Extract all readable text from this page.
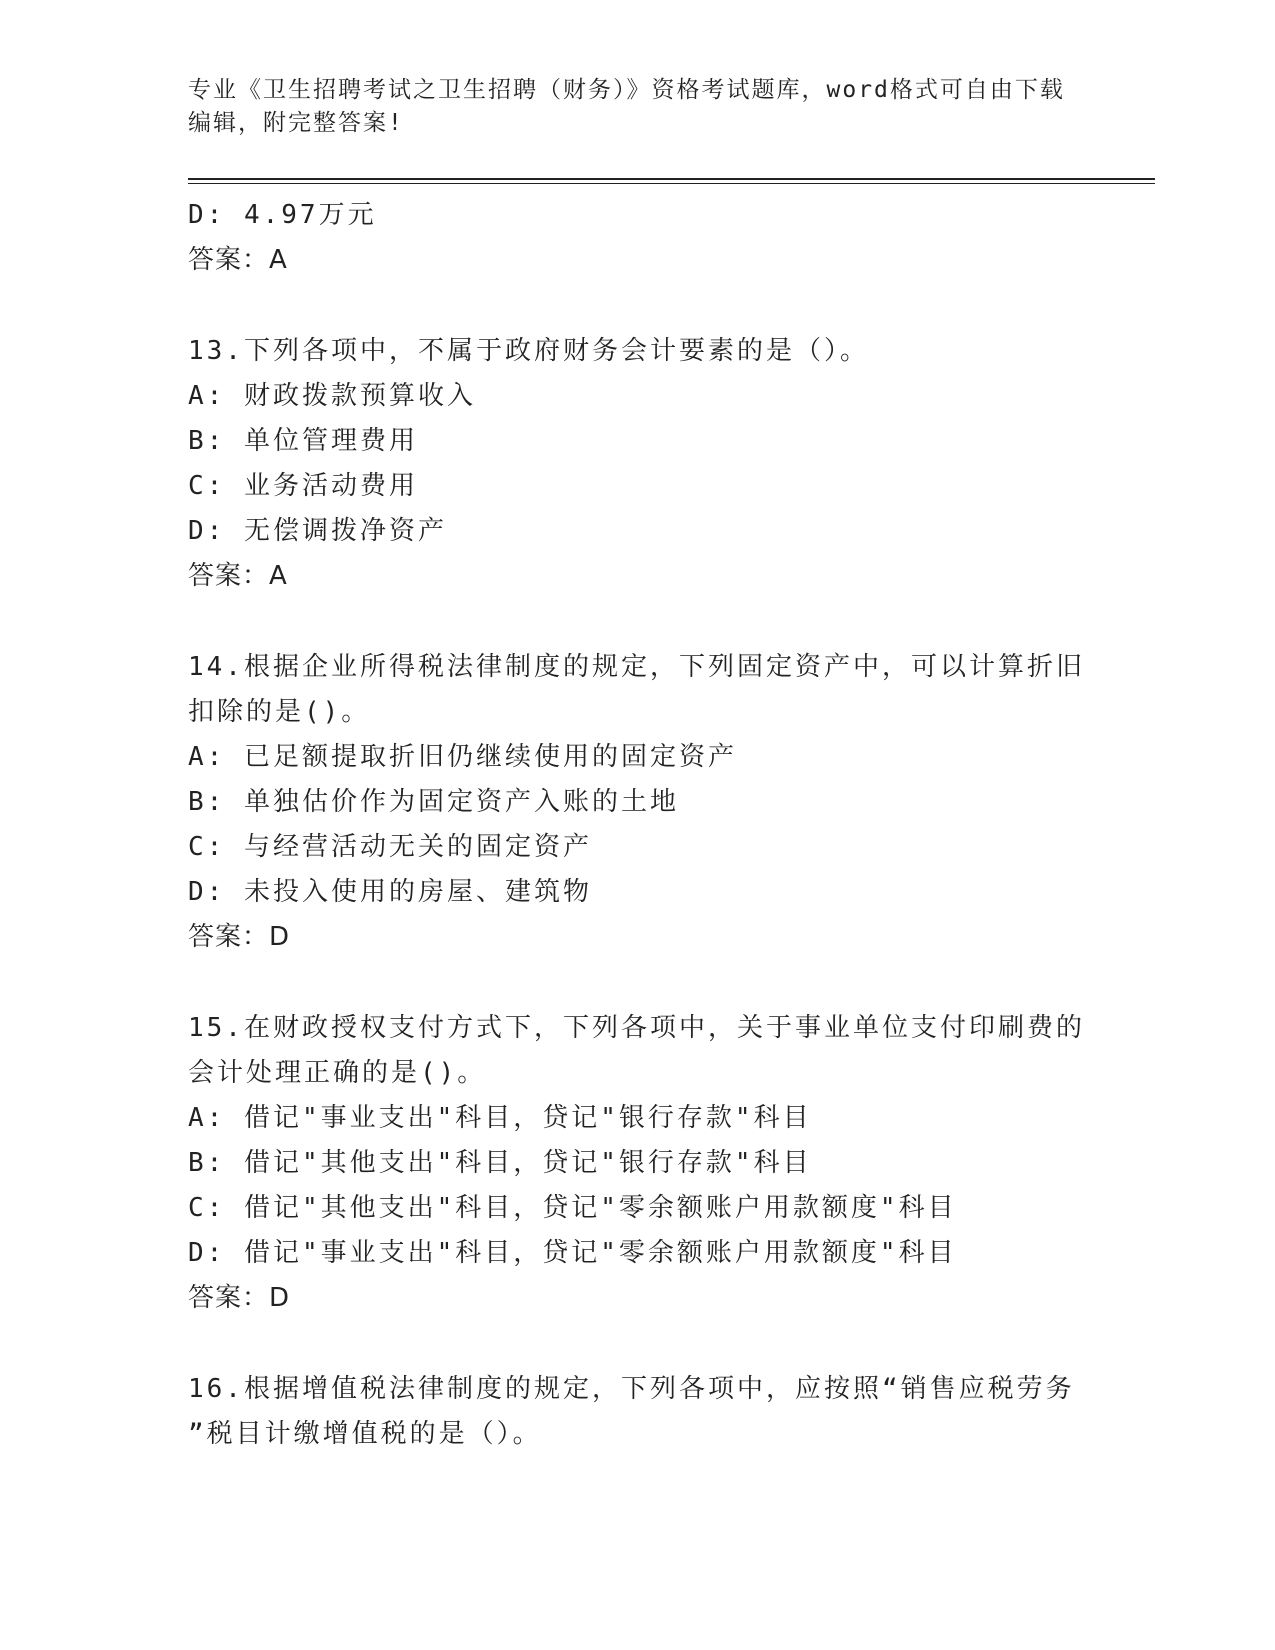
专业《卫生招聘考试之卫生招聘（财务）》资格考试题库，word格式可自由下载
编辑，附完整答案!
D: 4.97万元
答案：A
13.下列各项中，不属于政府财务会计要素的是（）。
A: 财政拨款预算收入
B: 单位管理费用
C: 业务活动费用
D: 无偿调拨净资产
答案：A
14.根据企业所得税法律制度的规定，下列固定资产中，可以计算折旧
扣除的是()。
A: 已足额提取折旧仍继续使用的固定资产
B: 单独估价作为固定资产入账的土地
C: 与经营活动无关的固定资产
D: 未投入使用的房屋、建筑物
答案：D
15.在财政授权支付方式下，下列各项中，关于事业单位支付印刷费的
会计处理正确的是()。
A: 借记"事业支出"科目，贷记"银行存款"科目
B: 借记"其他支出"科目，贷记"银行存款"科目
C: 借记"其他支出"科目，贷记"零余额账户用款额度"科目
D: 借记"事业支出"科目，贷记"零余额账户用款额度"科目
答案：D
16.根据增值税法律制度的规定，下列各项中，应按照“销售应税劳务
”税目计缴增值税的是（）。
